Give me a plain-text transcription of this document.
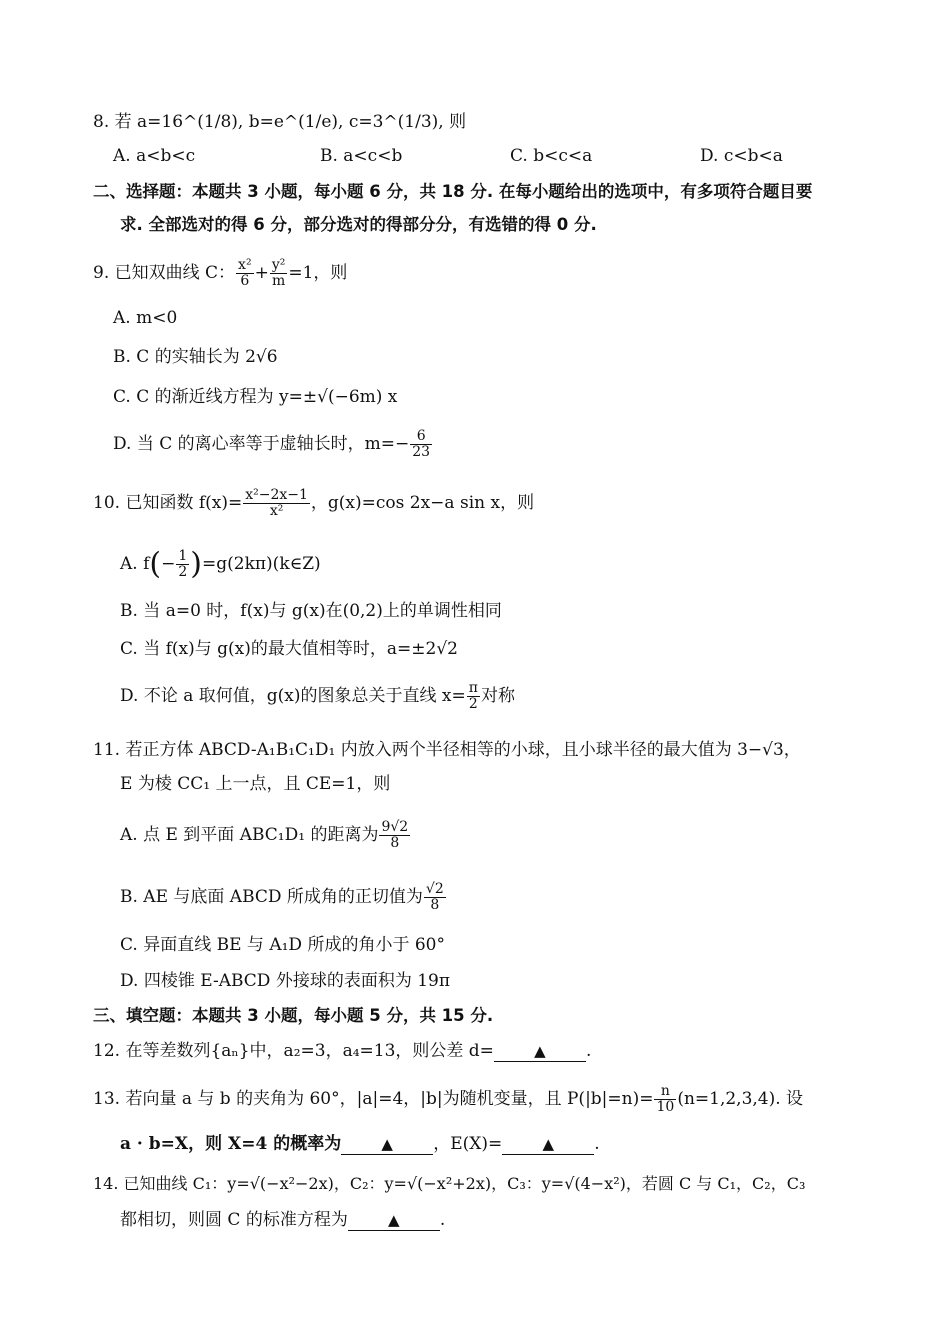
8. 若 a=16^(1/8), b=e^(1/e), c=3^(1/3), 则
A. a<b<c	B. a<c<b	C. b<c<a	D. c<b<a
二、选择题：本题共 3 小题，每小题 6 分，共 18 分. 在每小题给出的选项中，有多项符合题目要
求. 全部选对的得 6 分，部分选对的得部分分，有选错的得 0 分.
9. 已知双曲线 C： $\frac{\text{x²}}{6} + \frac{\text{y²}}{m} =1$，则
A. m<0
B. C 的实轴长为 2√6
C. C 的渐近线方程为 y=±√(−6m) x
D. 当 C 的离心率等于虚轴长时，$m=- \frac{6}{23}$
10. 已知函数 $f(x)= \frac{\text{x²−2x−1}}{\text{x²}}$ ，g(x)=cos 2x−a sin x，则
A. $f(- \frac{1}{2}$ )=g(2kπ)(k∈Z)
B. 当 a=0 时，f(x)与 g(x)在(0,2)上的单调性相同
C. 当 f(x)与 g(x)的最大值相等时，a=±2√2
D. 不论 a 取何值，g(x)的图象总关于直线 $x= \frac{\pi}{2}$ 对称
11. 若正方体 ABCD-A₁B₁C₁D₁ 内放入两个半径相等的小球，且小球半径的最大值为 3−√3，
E 为棱 CC₁ 上一点，且 CE=1，则
A. 点 E 到平面 ABC₁D₁ 的距离为 $\frac{9√2}{8}$
B. AE 与底面 ABCD 所成角的正切值为 $\frac{√2}{8}$
C. 异面直线 BE 与 A₁D 所成的角小于 60°
D. 四棱锥 E-ABCD 外接球的表面积为 19π
三、填空题：本题共 3 小题，每小题 5 分，共 15 分.
12. 在等差数列{aₙ}中，a₂=3，a₄=13，则公差 d=	▲ .
13. 若向量 a 与 b 的夹角为 60°，|a|=4，|b|为随机变量，且 $P(|b|=n)= \frac{n}{10} (n=1,2,3,4)$. 设
a · b=X，则 X=4 的概率为	▲ ，E(X)=	▲ .
14. 已知曲线 C₁：y=√(−x²−2x)，C₂：y=√(−x²+2x)，C₃：y=√(4−x²)，若圆 C 与 C₁，C₂，C₃
都相切，则圆 C 的标准方程为	▲ .
